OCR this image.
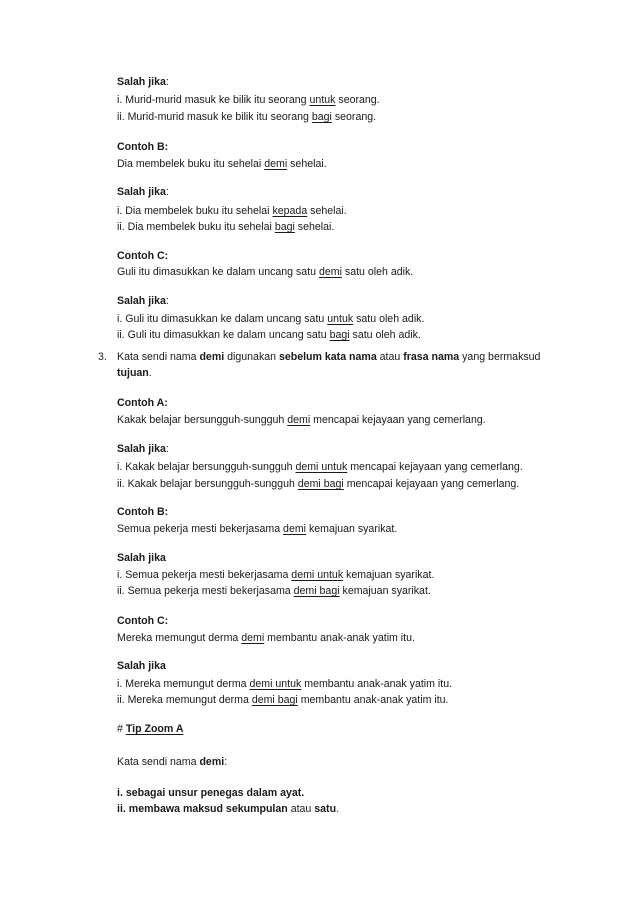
Salah jika:
i. Murid-murid masuk ke bilik itu seorang untuk seorang.
ii. Murid-murid masuk ke bilik itu seorang bagi seorang.
Contoh B:
Dia membelek buku itu sehelai demi sehelai.
Salah jika:
i. Dia membelek buku itu sehelai kepada sehelai.
ii. Dia membelek buku itu sehelai bagi sehelai.
Contoh C:
Guli itu dimasukkan ke dalam uncang satu demi satu oleh adik.
Salah jika:
i. Guli itu dimasukkan ke dalam uncang satu untuk satu oleh adik.
ii. Guli itu dimasukkan ke dalam uncang satu bagi satu oleh adik.
3. Kata sendi nama demi digunakan sebelum kata nama atau frasa nama yang bermaksud
tujuan.
Contoh A:
Kakak belajar bersungguh-sungguh demi mencapai kejayaan yang cemerlang.
Salah jika:
i. Kakak belajar bersungguh-sungguh demi untuk mencapai kejayaan yang cemerlang.
ii. Kakak belajar bersungguh-sungguh demi bagi mencapai kejayaan yang cemerlang.
Contoh B:
Semua pekerja mesti bekerjasama demi kemajuan syarikat.
Salah jika
i. Semua pekerja mesti bekerjasama demi untuk kemajuan syarikat.
ii. Semua pekerja mesti bekerjasama demi bagi kemajuan syarikat.
Contoh C:
Mereka memungut derma demi membantu anak-anak yatim itu.
Salah jika
i. Mereka memungut derma demi untuk membantu anak-anak yatim itu.
ii. Mereka memungut derma demi bagi membantu anak-anak yatim itu.
# Tip Zoom A
Kata sendi nama demi:
i. sebagai unsur penegas dalam ayat.
ii. membawa maksud sekumpulan atau satu.
